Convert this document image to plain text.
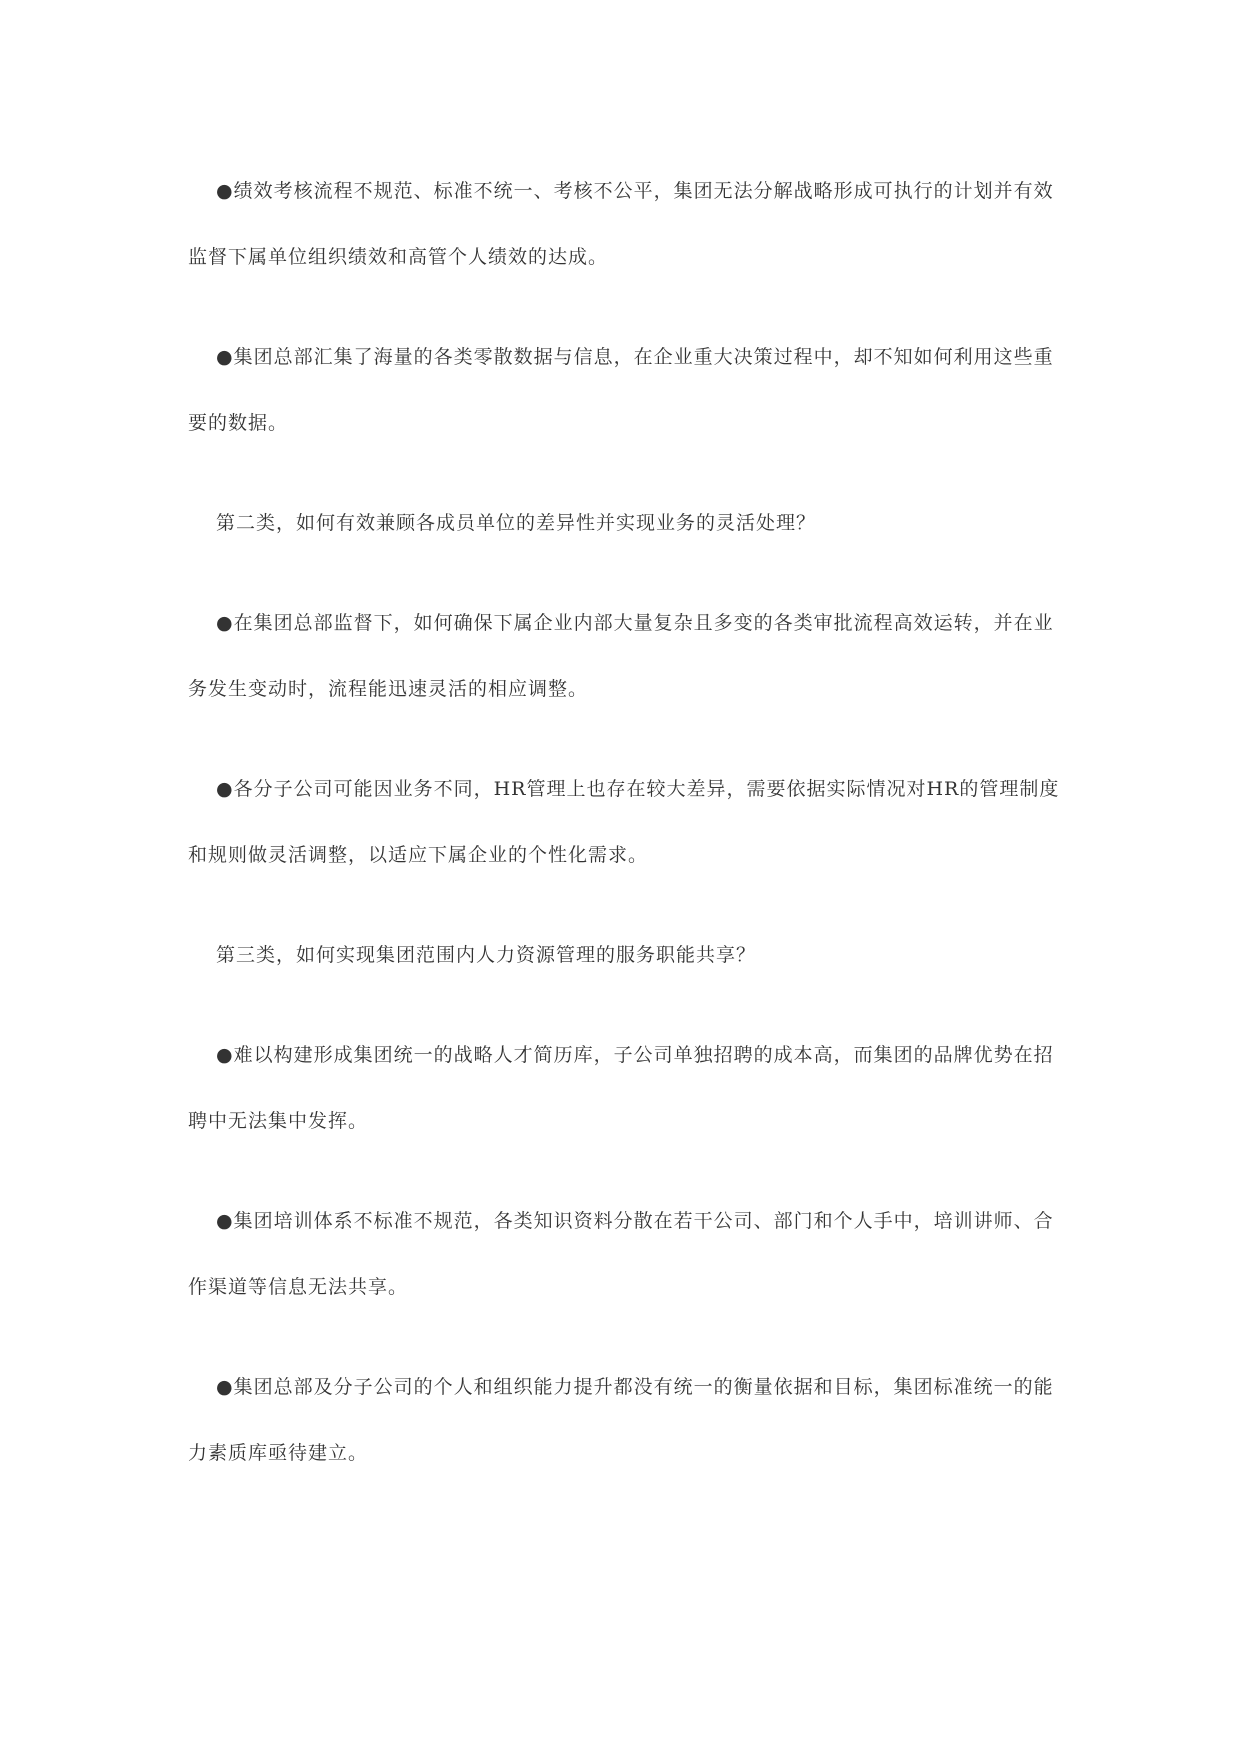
●绩效考核流程不规范、标准不统一、考核不公平，集团无法分解战略形成可执行的计划并有效监督下属单位组织绩效和高管个人绩效的达成。

●集团总部汇集了海量的各类零散数据与信息，在企业重大决策过程中，却不知如何利用这些重要的数据。

第二类，如何有效兼顾各成员单位的差异性并实现业务的灵活处理？

●在集团总部监督下，如何确保下属企业内部大量复杂且多变的各类审批流程高效运转，并在业务发生变动时，流程能迅速灵活的相应调整。

●各分子公司可能因业务不同，HR管理上也存在较大差异，需要依据实际情况对HR的管理制度和规则做灵活调整，以适应下属企业的个性化需求。

第三类，如何实现集团范围内人力资源管理的服务职能共享？

●难以构建形成集团统一的战略人才简历库，子公司单独招聘的成本高，而集团的品牌优势在招聘中无法集中发挥。

●集团培训体系不标准不规范，各类知识资料分散在若干公司、部门和个人手中，培训讲师、合作渠道等信息无法共享。

●集团总部及分子公司的个人和组织能力提升都没有统一的衡量依据和目标，集团标准统一的能力素质库亟待建立。
